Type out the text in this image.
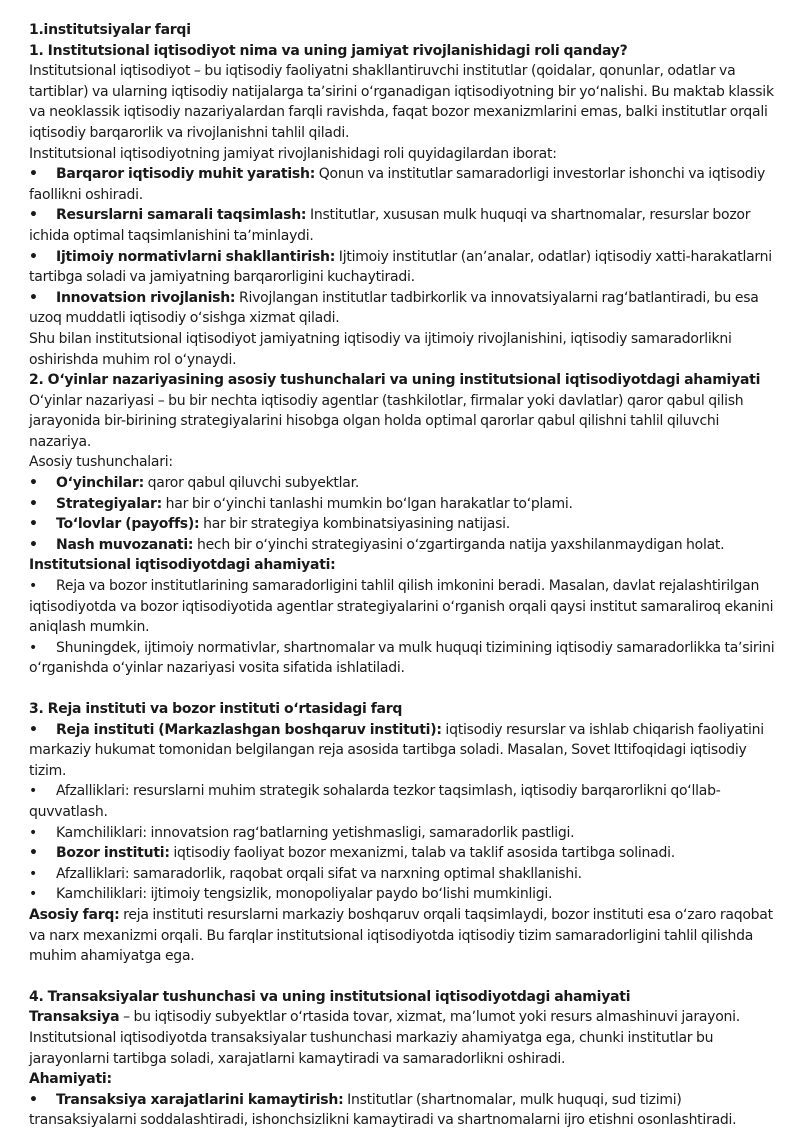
1.institutsiyalar farqi

1. Institutsional iqtisodiyot nima va uning jamiyat rivojlanishidagi roli qanday?

Institutsional iqtisodiyot – bu iqtisodiy faoliyatni shakllantiruvchi institutlar (qoidalar, qonunlar, odatlar va tartiblar) va ularning iqtisodiy natijalarga taʼsirini oʻrganadigan iqtisodiyotning bir yoʻnalishi. Bu maktab klassik va neoklassik iqtisodiy nazariyalardan farqli ravishda, faqat bozor mexanizmlarini emas, balki institutlar orqali iqtisodiy barqarorlik va rivojlanishni tahlil qiladi.

Institutsional iqtisodiyotning jamiyat rivojlanishidagi roli quyidagilardan iborat:

• Barqaror iqtisodiy muhit yaratish: Qonun va institutlar samaradorligi investorlar ishonchi va iqtisodiy faollikni oshiradi.

• Resurslarni samarali taqsimlash: Institutlar, xususan mulk huquqi va shartnomalar, resurslar bozor ichida optimal taqsimlanishini taʼminlaydi.

• Ijtimoiy normativlarni shakllantirish: Ijtimoiy institutlar (anʼanalar, odatlar) iqtisodiy xatti-harakatlarni tartibga soladi va jamiyatning barqarorligini kuchaytiradi.

• Innovatsion rivojlanish: Rivojlangan institutlar tadbirkorlik va innovatsiyalarni ragʻbatlantiradi, bu esa uzoq muddatli iqtisodiy oʻsishga xizmat qiladi.

Shu bilan institutsional iqtisodiyot jamiyatning iqtisodiy va ijtimoiy rivojlanishini, iqtisodiy samaradorlikni oshirishda muhim rol oʻynaydi.

2. Oʻyinlar nazariyasining asosiy tushunchalari va uning institutsional iqtisodiyotdagi ahamiyati

Oʻyinlar nazariyasi – bu bir nechta iqtisodiy agentlar (tashkilotlar, firmalar yoki davlatlar) qaror qabul qilish jarayonida bir-birining strategiyalarini hisobga olgan holda optimal qarorlar qabul qilishni tahlil qiluvchi nazariya.

Asosiy tushunchalari:

• Oʻyinchilar: qaror qabul qiluvchi subyektlar.

• Strategiyalar: har bir oʻyinchi tanlashi mumkin boʻlgan harakatlar toʻplami.

• Toʻlovlar (payoffs): har bir strategiya kombinatsiyasining natijasi.

• Nash muvozanati: hech bir oʻyinchi strategiyasini oʻzgartirganda natija yaxshilanmaydigan holat.

Institutsional iqtisodiyotdagi ahamiyati:

• Reja va bozor institutlarining samaradorligini tahlil qilish imkonini beradi. Masalan, davlat rejalashtirilgan iqtisodiyotda va bozor iqtisodiyotida agentlar strategiyalarini oʻrganish orqali qaysi institut samaraliroq ekanini aniqlash mumkin.

• Shuningdek, ijtimoiy normativlar, shartnomalar va mulk huquqi tizimining iqtisodiy samaradorlikka taʼsirini oʻrganishda oʻyinlar nazariyasi vosita sifatida ishlatiladi.

3. Reja instituti va bozor instituti oʻrtasidagi farq

• Reja instituti (Markazlashgan boshqaruv instituti): iqtisodiy resurslar va ishlab chiqarish faoliyatini markaziy hukumat tomonidan belgilangan reja asosida tartibga soladi. Masalan, Sovet Ittifoqidagi iqtisodiy tizim.

• Afzalliklari: resurslarni muhim strategik sohalarda tezkor taqsimlash, iqtisodiy barqarorlikni qoʻllab-quvvatlash.

• Kamchiliklari: innovatsion ragʻbatlarning yetishmasligi, samaradorlik pastligi.

• Bozor instituti: iqtisodiy faoliyat bozor mexanizmi, talab va taklif asosida tartibga solinadi.

• Afzalliklari: samaradorlik, raqobat orqali sifat va narxning optimal shakllanishi.

• Kamchiliklari: ijtimoiy tengsizlik, monopoliyalar paydo boʻlishi mumkinligi.

Asosiy farq: reja instituti resurslarni markaziy boshqaruv orqali taqsimlaydi, bozor instituti esa oʻzaro raqobat va narx mexanizmi orqali. Bu farqlar institutsional iqtisodiyotda iqtisodiy tizim samaradorligini tahlil qilishda muhim ahamiyatga ega.

4. Transaksiyalar tushunchasi va uning institutsional iqtisodiyotdagi ahamiyati

Transaksiya – bu iqtisodiy subyektlar oʻrtasida tovar, xizmat, maʼlumot yoki resurs almashinuvi jarayoni.

Institutsional iqtisodiyotda transaksiyalar tushunchasi markaziy ahamiyatga ega, chunki institutlar bu jarayonlarni tartibga soladi, xarajatlarni kamaytiradi va samaradorlikni oshiradi.

Ahamiyati:

• Transaksiya xarajatlarini kamaytirish: Institutlar (shartnomalar, mulk huquqi, sud tizimi) transaksiyalarni soddalashtiradi, ishonchsizlikni kamaytiradi va shartnomalarni ijro etishni osonlashtiradi.
